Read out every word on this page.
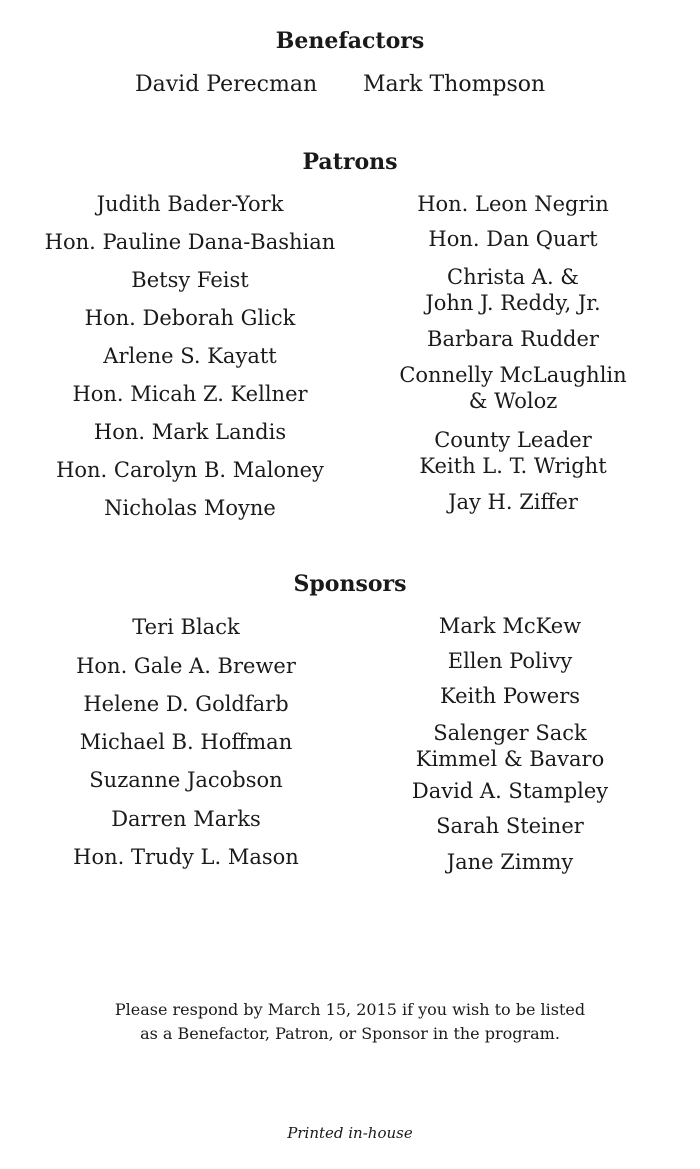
Benefactors
David Perecman Mark Thompson
Patrons
Judith Bader-York
Hon. Pauline Dana-Bashian
Betsy Feist
Hon. Deborah Glick
Arlene S. Kayatt
Hon. Micah Z. Kellner
Hon. Mark Landis
Hon. Carolyn B. Maloney
Nicholas Moyne
Hon. Leon Negrin
Hon. Dan Quart
Christa A. &
John J. Reddy, Jr.
Barbara Rudder
Connelly McLaughlin
& Woloz
County Leader
Keith L. T. Wright
Jay H. Ziffer
Sponsors
Teri Black
Hon. Gale A. Brewer
Helene D. Goldfarb
Michael B. Hoffman
Suzanne Jacobson
Darren Marks
Hon. Trudy L. Mason
Mark McKew
Ellen Polivy
Keith Powers
Salenger Sack
Kimmel & Bavaro
David A. Stampley
Sarah Steiner
Jane Zimmy
Please respond by March 15, 2015 if you wish to be listed
as a Benefactor, Patron, or Sponsor in the program.
Printed in-house
